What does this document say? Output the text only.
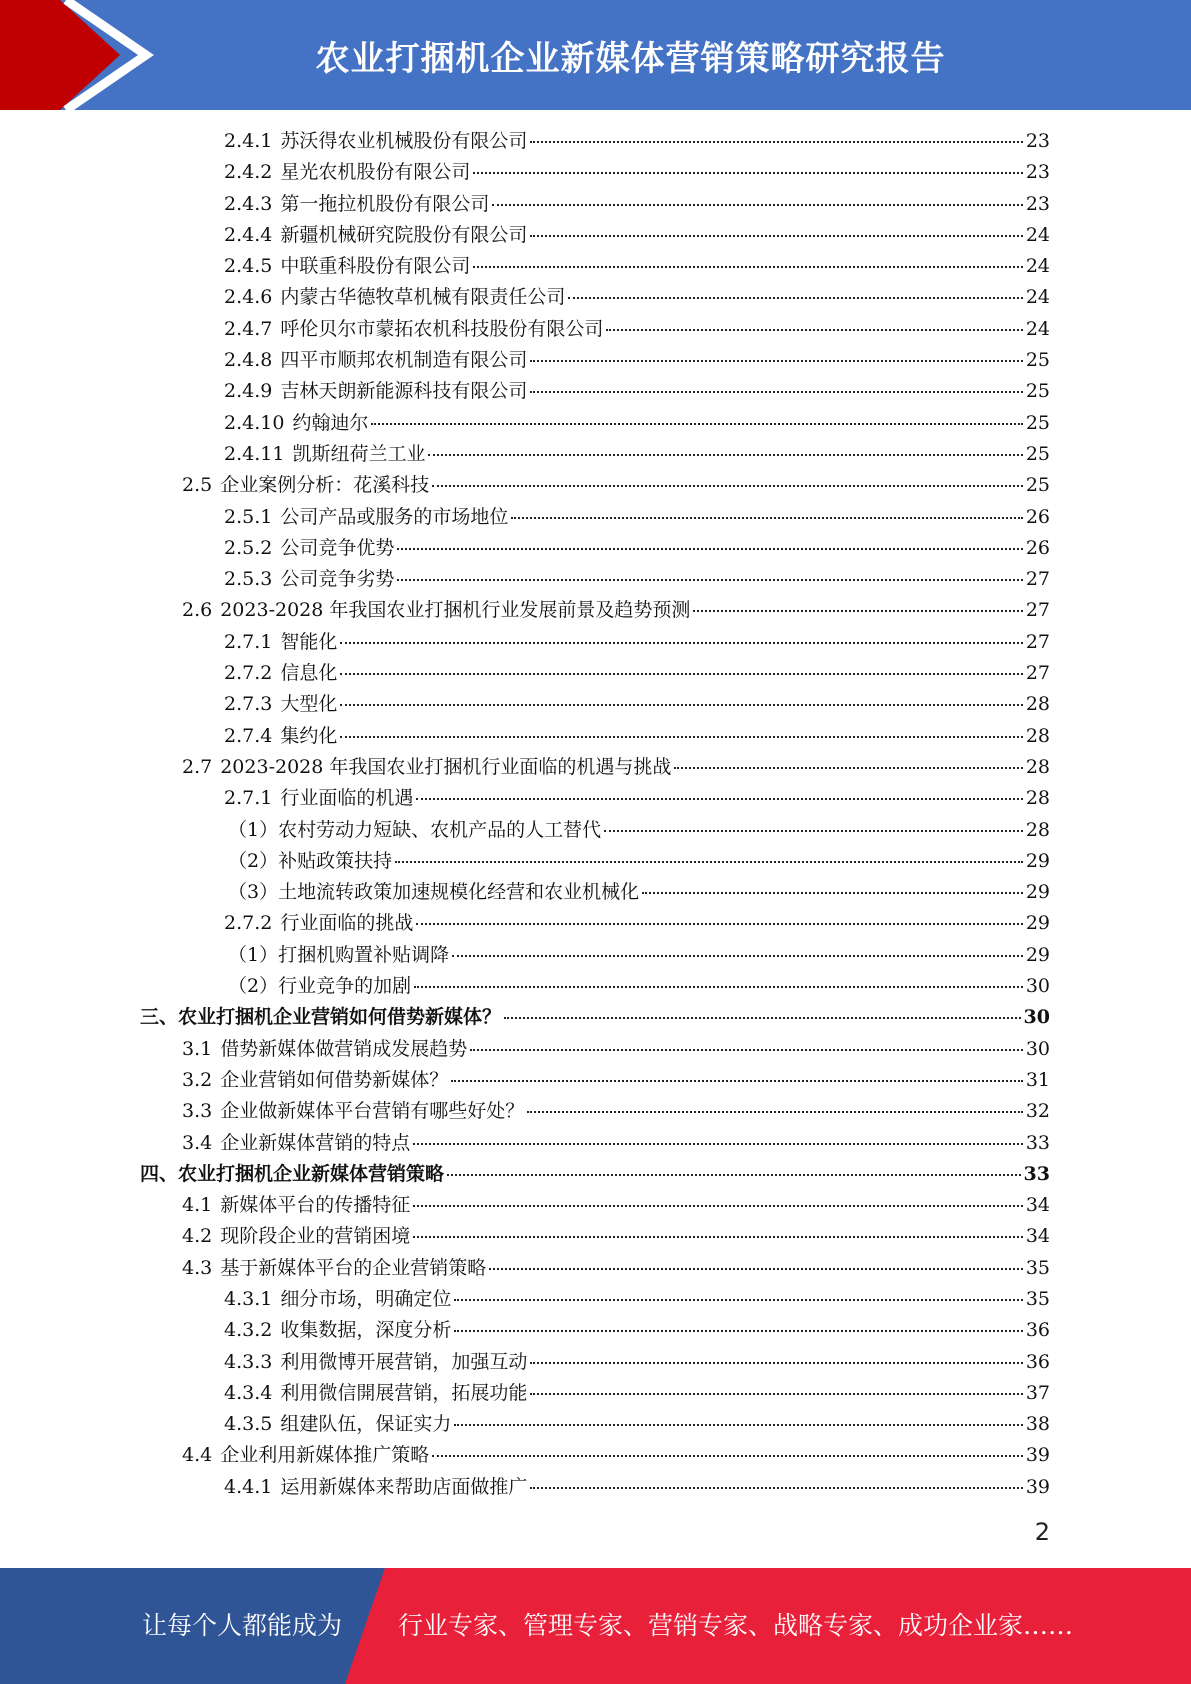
农业打捆机企业新媒体营销策略研究报告
2.4.1 苏沃得农业机械股份有限公司	23
2.4.2 星光农机股份有限公司	23
2.4.3 第一拖拉机股份有限公司	23
2.4.4 新疆机械研究院股份有限公司	24
2.4.5 中联重科股份有限公司	24
2.4.6 内蒙古华德牧草机械有限责任公司	24
2.4.7 呼伦贝尔市蒙拓农机科技股份有限公司	24
2.4.8 四平市顺邦农机制造有限公司	25
2.4.9 吉林天朗新能源科技有限公司	25
2.4.10 约翰迪尔	25
2.4.11 凯斯纽荷兰工业	25
2.5 企业案例分析：花溪科技	25
2.5.1 公司产品或服务的市场地位	26
2.5.2 公司竞争优势	26
2.5.3 公司竞争劣势	27
2.6 2023-2028 年我国农业打捆机行业发展前景及趋势预测	27
2.7.1 智能化	27
2.7.2 信息化	27
2.7.3 大型化	28
2.7.4 集约化	28
2.7 2023-2028 年我国农业打捆机行业面临的机遇与挑战	28
2.7.1 行业面临的机遇	28
（1）农村劳动力短缺、农机产品的人工替代	28
（2）补贴政策扶持	29
（3）土地流转政策加速规模化经营和农业机械化	29
2.7.2 行业面临的挑战	29
（1）打捆机购置补贴调降	29
（2）行业竞争的加剧	30
三、农业打捆机企业营销如何借势新媒体？	30
3.1 借势新媒体做营销成发展趋势	30
3.2 企业营销如何借势新媒体？	31
3.3 企业做新媒体平台营销有哪些好处？	32
3.4 企业新媒体营销的特点	33
四、农业打捆机企业新媒体营销策略	33
4.1 新媒体平台的传播特征	34
4.2 现阶段企业的营销困境	34
4.3 基于新媒体平台的企业营销策略	35
4.3.1 细分市场，明确定位	35
4.3.2 收集数据，深度分析	36
4.3.3 利用微博开展营销，加强互动	36
4.3.4 利用微信開展营销，拓展功能	37
4.3.5 组建队伍，保证实力	38
4.4 企业利用新媒体推广策略	39
4.4.1 运用新媒体来帮助店面做推广	39
2
让每个人都能成为 行业专家、管理专家、营销专家、战略专家、成功企业家……
